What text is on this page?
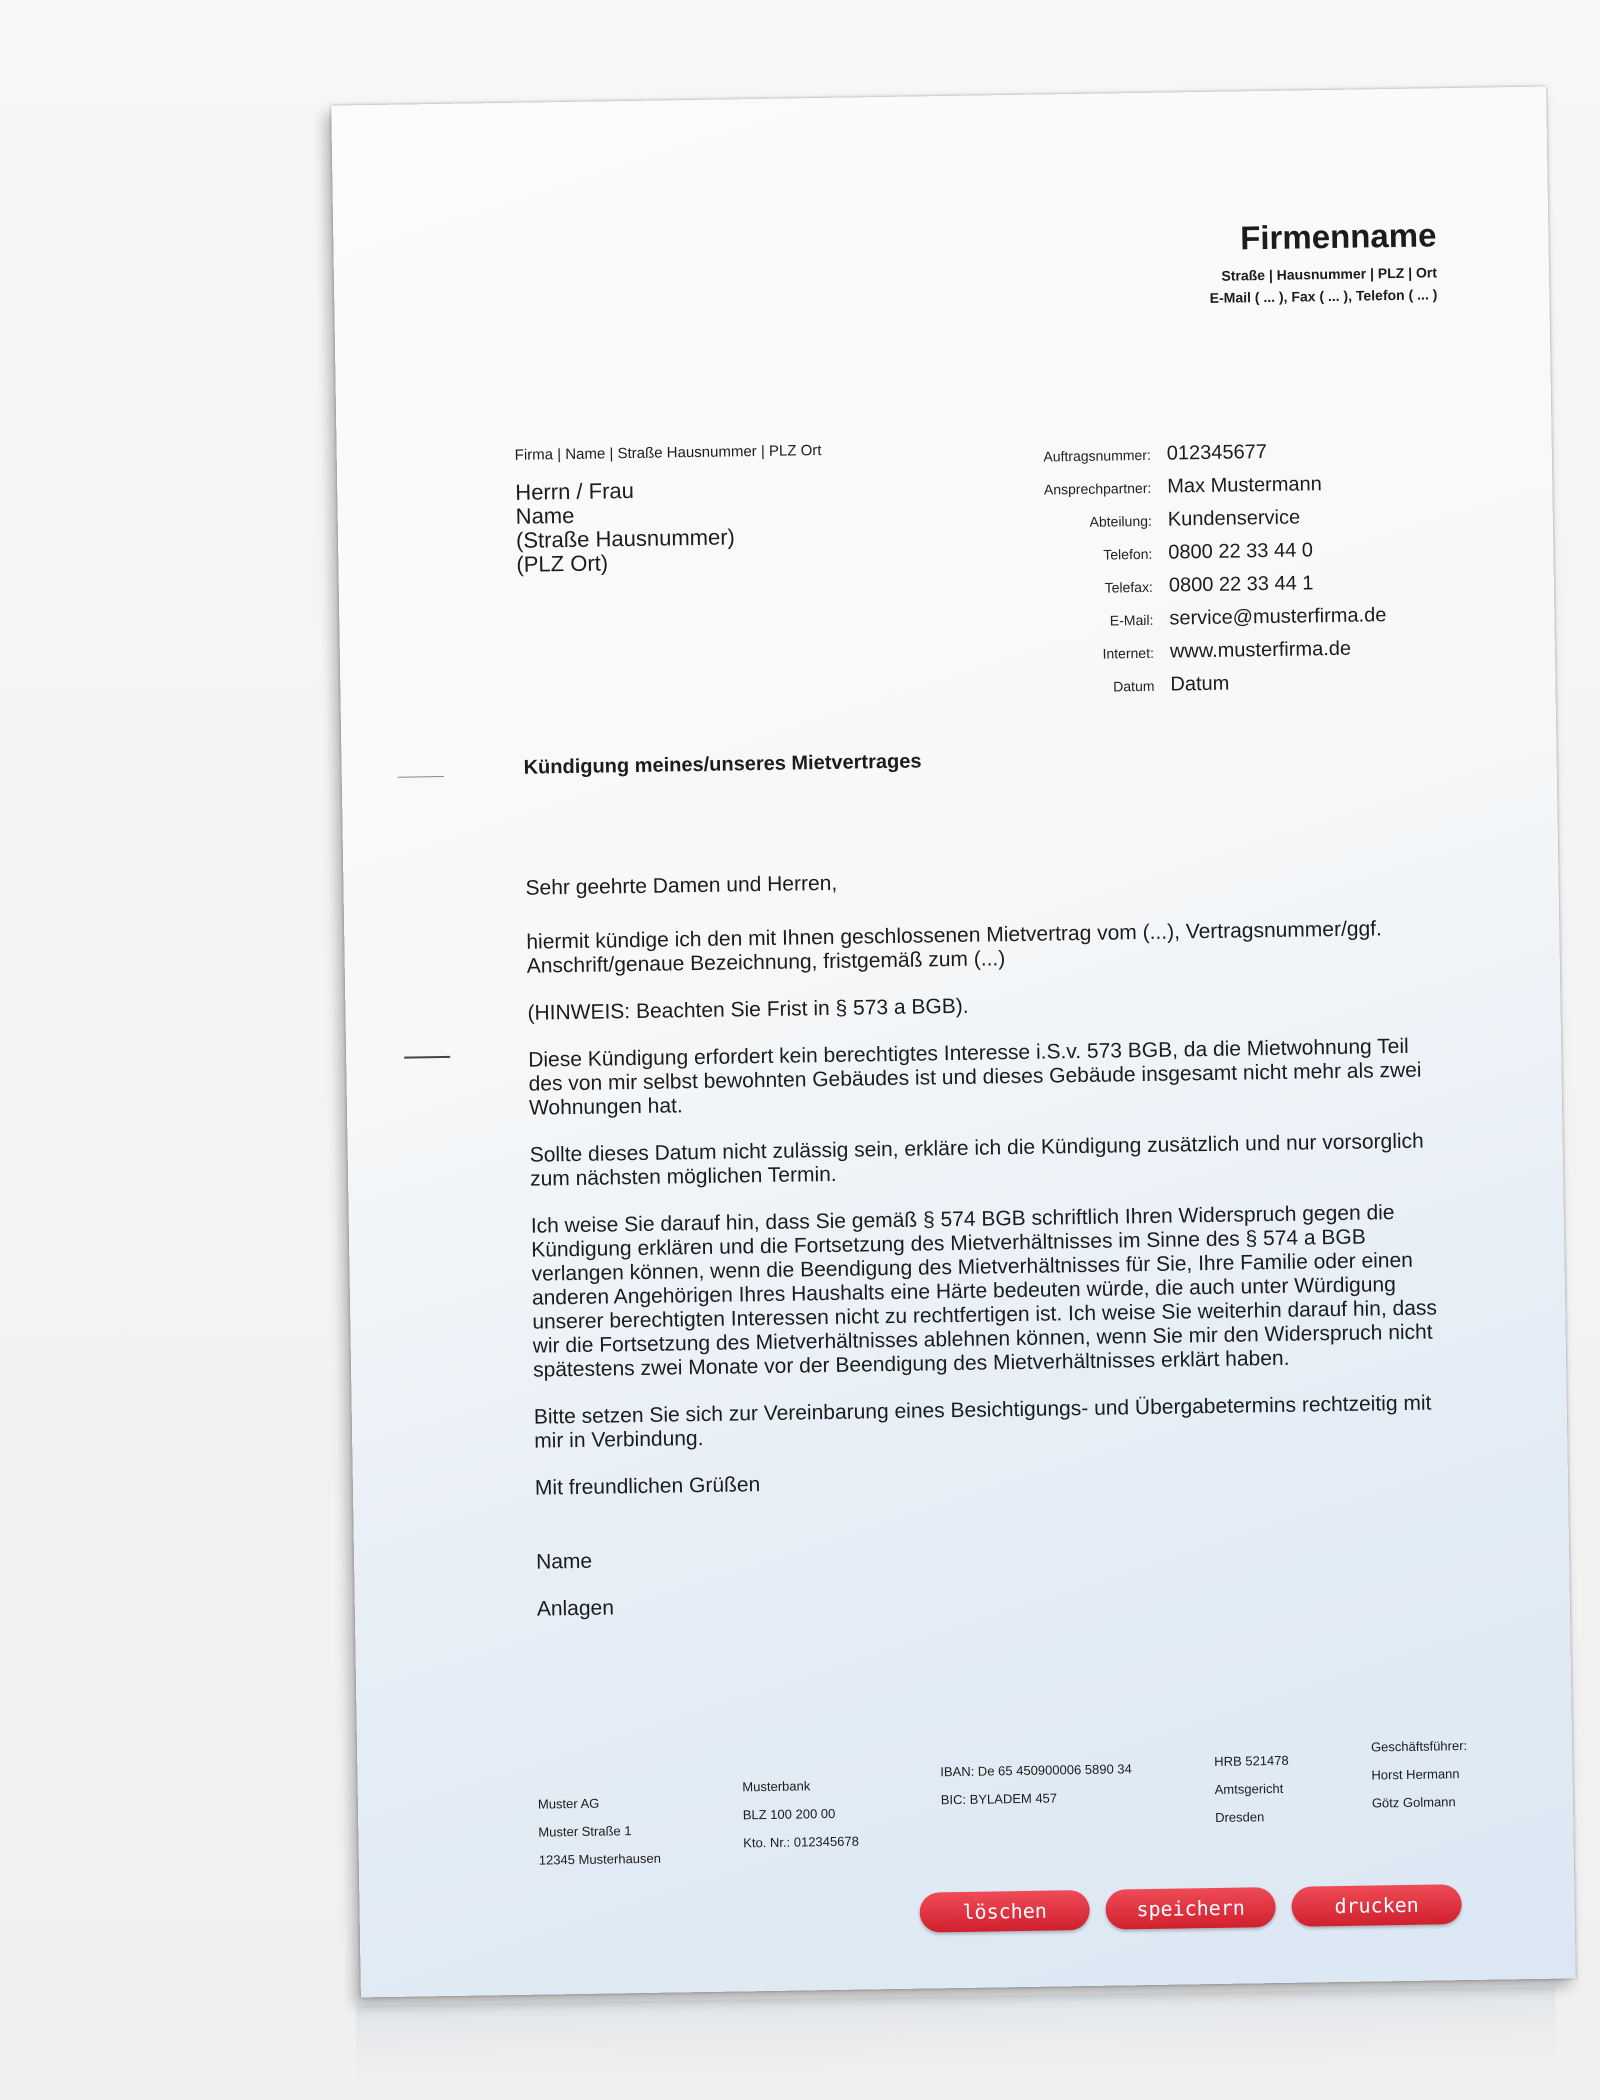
Firmenname
Straße | Hausnummer | PLZ | Ort
E-Mail ( ... ), Fax ( ... ), Telefon ( ... )
Firma | Name | Straße Hausnummer | PLZ Ort
Herrn / Frau
Name
(Straße Hausnummer)
(PLZ Ort)
Auftragsnummer: 012345677
Ansprechpartner: Max Mustermann
Abteilung: Kundenservice
Telefon: 0800 22 33 44 0
Telefax: 0800 22 33 44 1
E-Mail: service@musterfirma.de
Internet: www.musterfirma.de
Datum Datum
Kündigung meines/unseres Mietvertrages

Sehr geehrte Damen und Herren,

hiermit kündige ich den mit Ihnen geschlossenen Mietvertrag vom (...), Vertragsnummer/ggf. Anschrift/genaue Bezeichnung, fristgemäß zum (...)

(HINWEIS: Beachten Sie Frist in § 573 a BGB).

Diese Kündigung erfordert kein berechtigtes Interesse i.S.v. 573 BGB, da die Mietwohnung Teil des von mir selbst bewohnten Gebäudes ist und dieses Gebäude insgesamt nicht mehr als zwei Wohnungen hat.

Sollte dieses Datum nicht zulässig sein, erkläre ich die Kündigung zusätzlich und nur vorsorglich zum nächsten möglichen Termin.

Ich weise Sie darauf hin, dass Sie gemäß § 574 BGB schriftlich Ihren Widerspruch gegen die Kündigung erklären und die Fortsetzung des Mietverhältnisses im Sinne des § 574 a BGB verlangen können, wenn die Beendigung des Mietverhältnisses für Sie, Ihre Familie oder einen anderen Angehörigen Ihres Haushalts eine Härte bedeuten würde, die auch unter Würdigung unserer berechtigten Interessen nicht zu rechtfertigen ist. Ich weise Sie weiterhin darauf hin, dass wir die Fortsetzung des Mietverhältnisses ablehnen können, wenn Sie mir den Widerspruch nicht spätestens zwei Monate vor der Beendigung des Mietverhältnisses erklärt haben.

Bitte setzen Sie sich zur Vereinbarung eines Besichtigungs- und Übergabetermins rechtzeitig mit mir in Verbindung.

Mit freundlichen Grüßen

Name

Anlagen

Muster AG
Muster Straße 1
12345 Musterhausen
Musterbank
BLZ 100 200 00
Kto. Nr.: 012345678
IBAN: De 65 450900006 5890 34
BIC: BYLADEM 457
HRB 521478
Amtsgericht
Dresden
Geschäftsführer:
Horst Hermann
Götz Golmann
löschen	speichern	drucken
